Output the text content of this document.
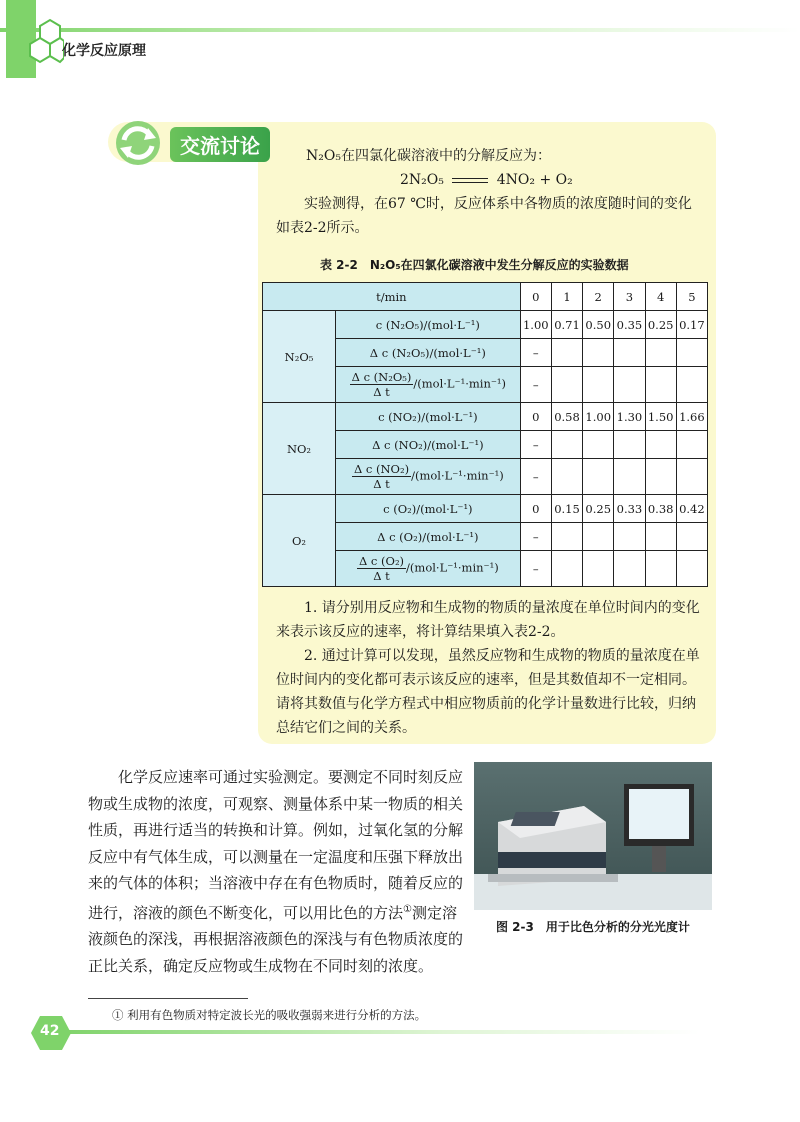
化学反应原理
交流讨论	N₂O₅在四氯化碳溶液中的分解反应为：
2N₂O₅	4NO₂ + O₂
实验测得，在67 ℃时，反应体系中各物质的浓度随时间的变化如表2-2所示。
表 2-2　N₂O₅在四氯化碳溶液中发生分解反应的实验数据
t/min		0	1	2	3	4	5
N₂O₅	c (N₂O₅)/(mol·L⁻¹)	1.00	0.71	0.50	0.35	0.25	0.17
	Δ c (N₂O₅)/(mol·L⁻¹)	–					

	$\frac{\text{Δ c (N₂O₅)}}{\text{Δ t}} /(mol\cdot L^{-1}\cdot\min^{-1})$	–					
NO₂	c (NO₂)/(mol·L⁻¹)	0	0.58	1.00	1.30	1.50	1.66
	Δ c (NO₂)/(mol·L⁻¹)	–					

	$\frac{\text{Δ c (NO₂)}}{\text{Δ t}} /(mol\cdot L^{-1}\cdot\min^{-1})$	–					
O₂	c (O₂)/(mol·L⁻¹)	0	0.15	0.25	0.33	0.38	0.42
	Δ c (O₂)/(mol·L⁻¹)	–					

	$\frac{\text{Δ c (O₂)}}{\text{Δ t}} /(mol\cdot L^{-1}\cdot\min^{-1})$	–					
1. 请分别用反应物和生成物的物质的量浓度在单位时间内的变化来表示该反应的速率，将计算结果填入表2-2。
2. 通过计算可以发现，虽然反应物和生成物的物质的量浓度在单位时间内的变化都可表示该反应的速率，但是其数值却不一定相同。请将其数值与化学方程式中相应物质前的化学计量数进行比较，归纳总结它们之间的关系。
化学反应速率可通过实验测定。要测定不同时刻反应物或生成物的浓度，可观察、测量体系中某一物质的相关性质，再进行适当的转换和计算。例如，过氧化氢的分解反应中有气体生成，可以测量在一定温度和压强下释放出来的气体的体积；当溶液中存在有色物质时，随着反应的进行，溶液的颜色不断变化，可以用比色的方法①测定溶液颜色的深浅，再根据溶液颜色的深浅与有色物质浓度的正比关系，确定反应物或生成物在不同时刻的浓度。
图 2-3　用于比色分析的分光光度计
① 利用有色物质对特定波长光的吸收强弱来进行分析的方法。
42
